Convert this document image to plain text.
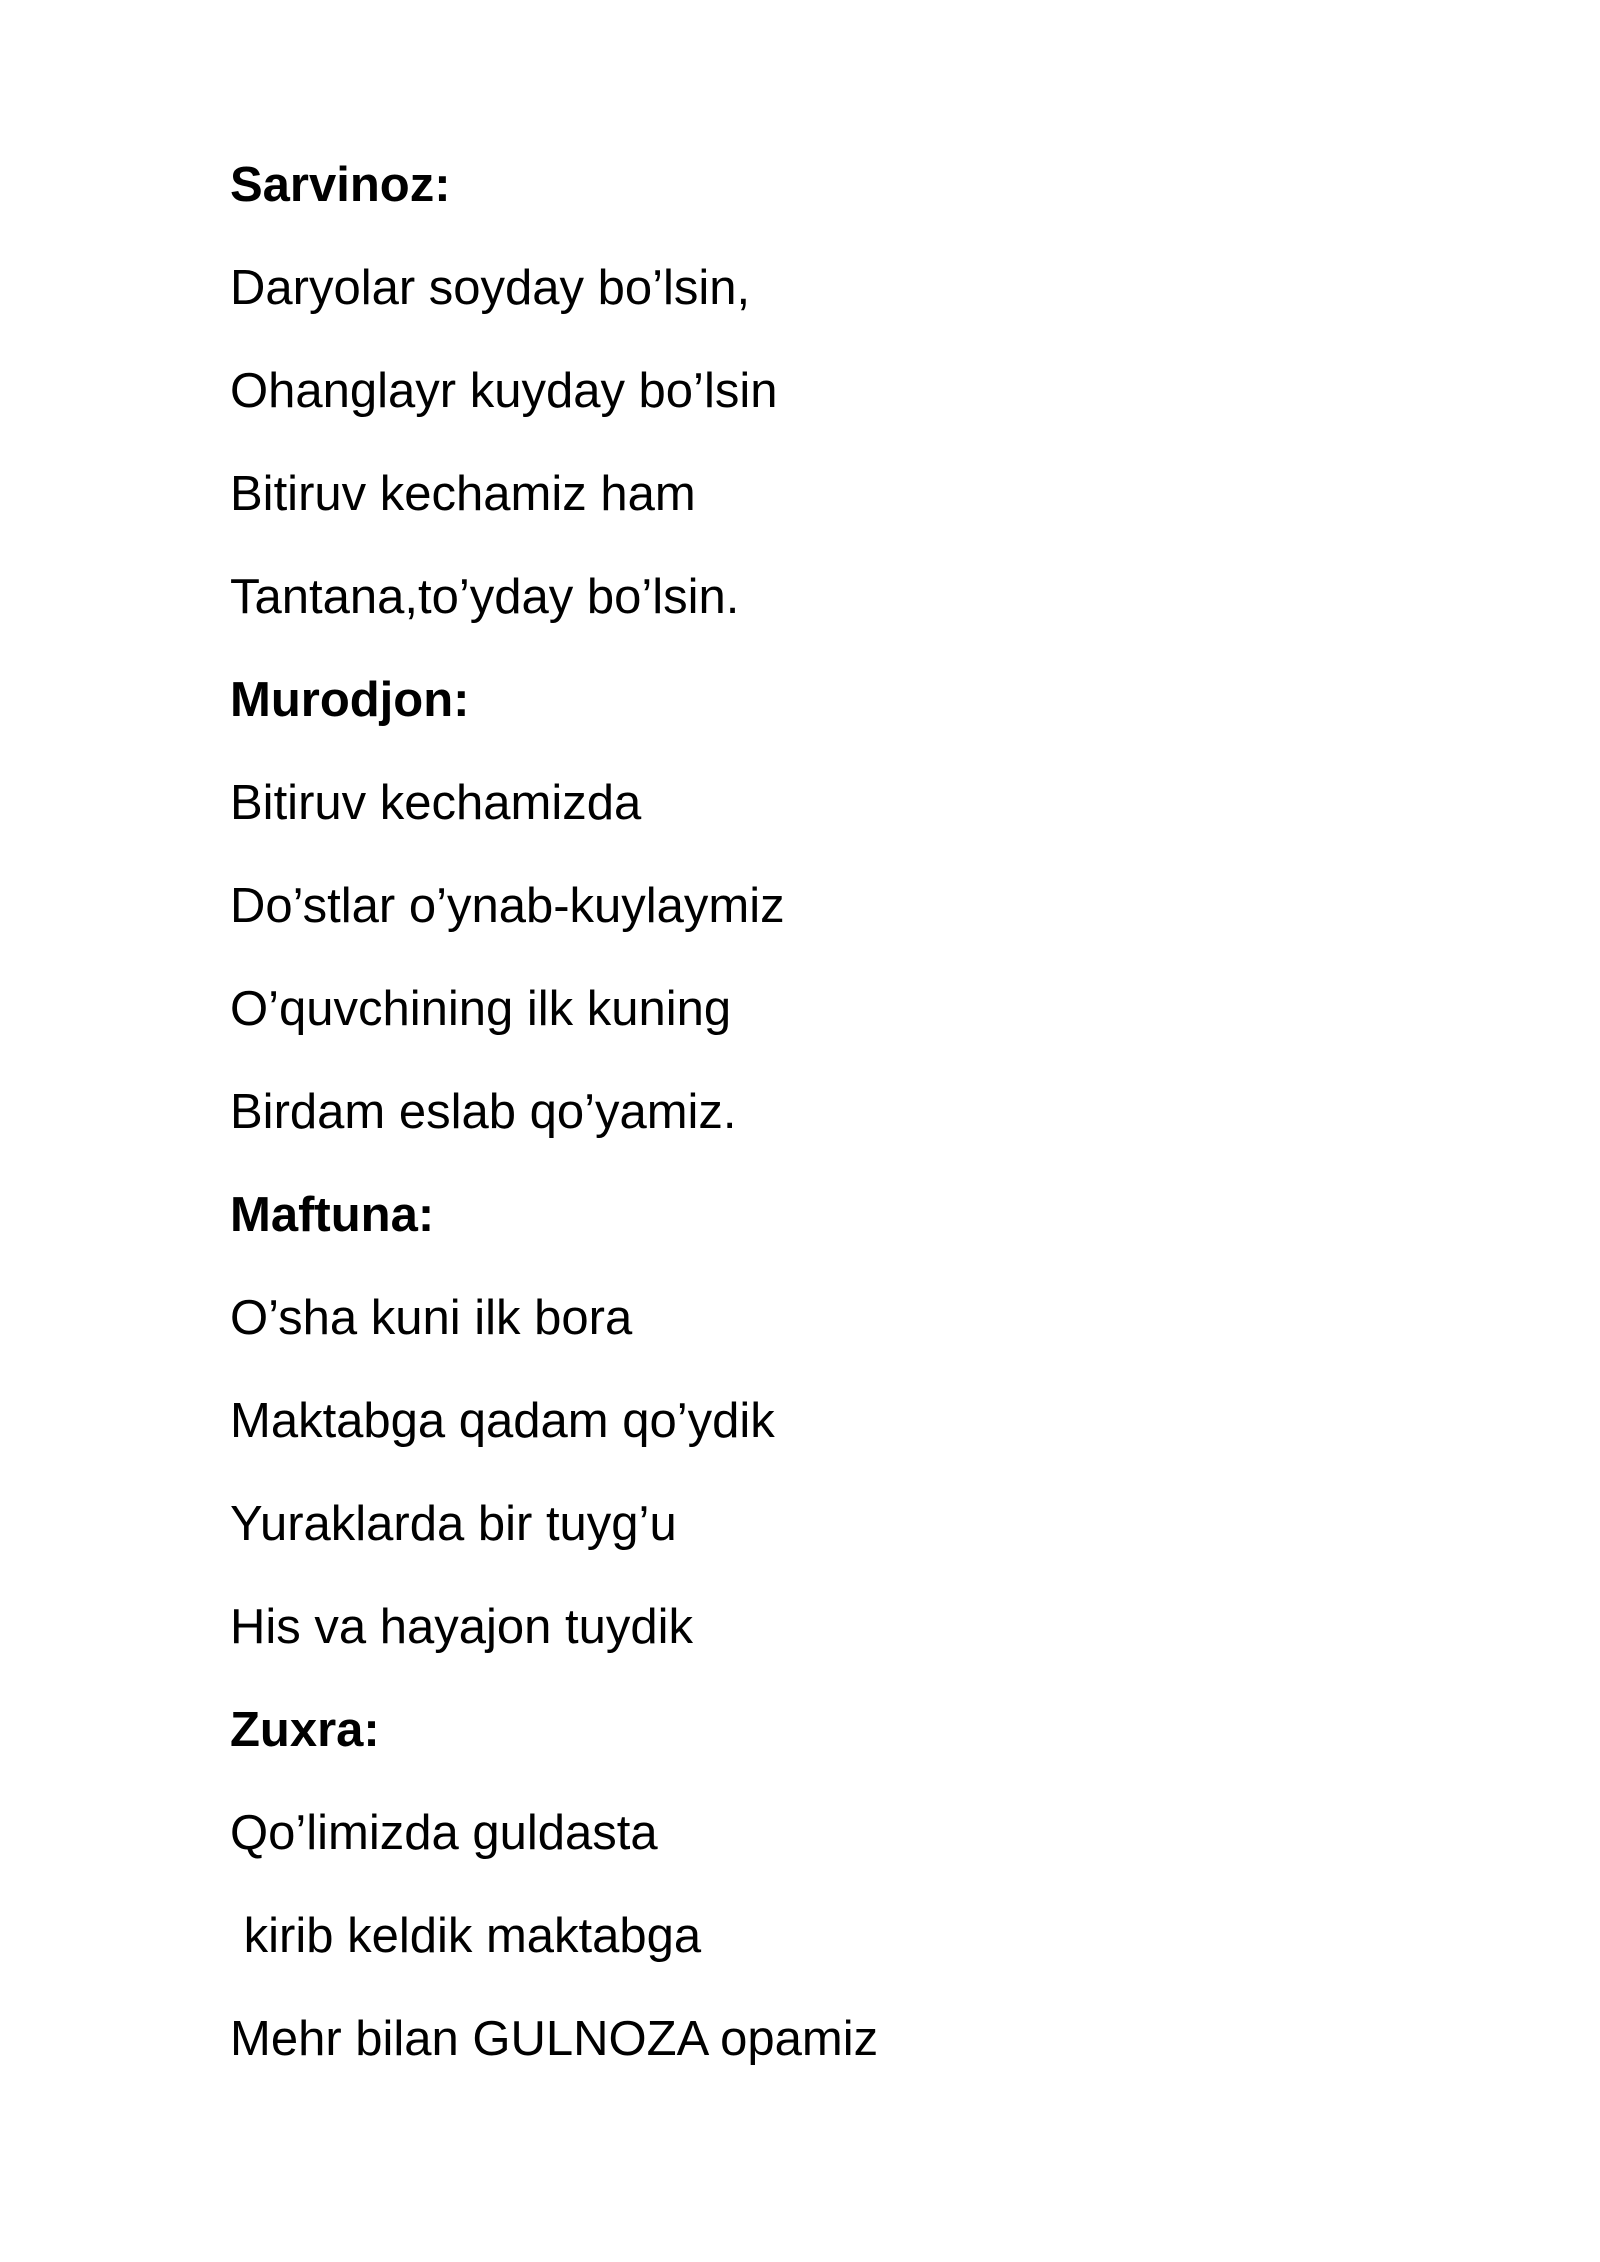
Sarvinoz:
Daryolar soyday bo’lsin,
Ohanglayr kuyday bo’lsin
Bitiruv kechamiz ham
Tantana,to’yday bo’lsin.
Murodjon:
Bitiruv kechamizda
Do’stlar o’ynab-kuylaymiz
O’quvchining ilk kuning
Birdam eslab qo’yamiz.
Maftuna:
O’sha kuni ilk bora
Maktabga qadam qo’ydik
Yuraklarda bir tuyg’u
His va hayajon tuydik
Zuxra:
Qo’limizda guldasta
kirib keldik maktabga
Mehr bilan GULNOZA opamiz
